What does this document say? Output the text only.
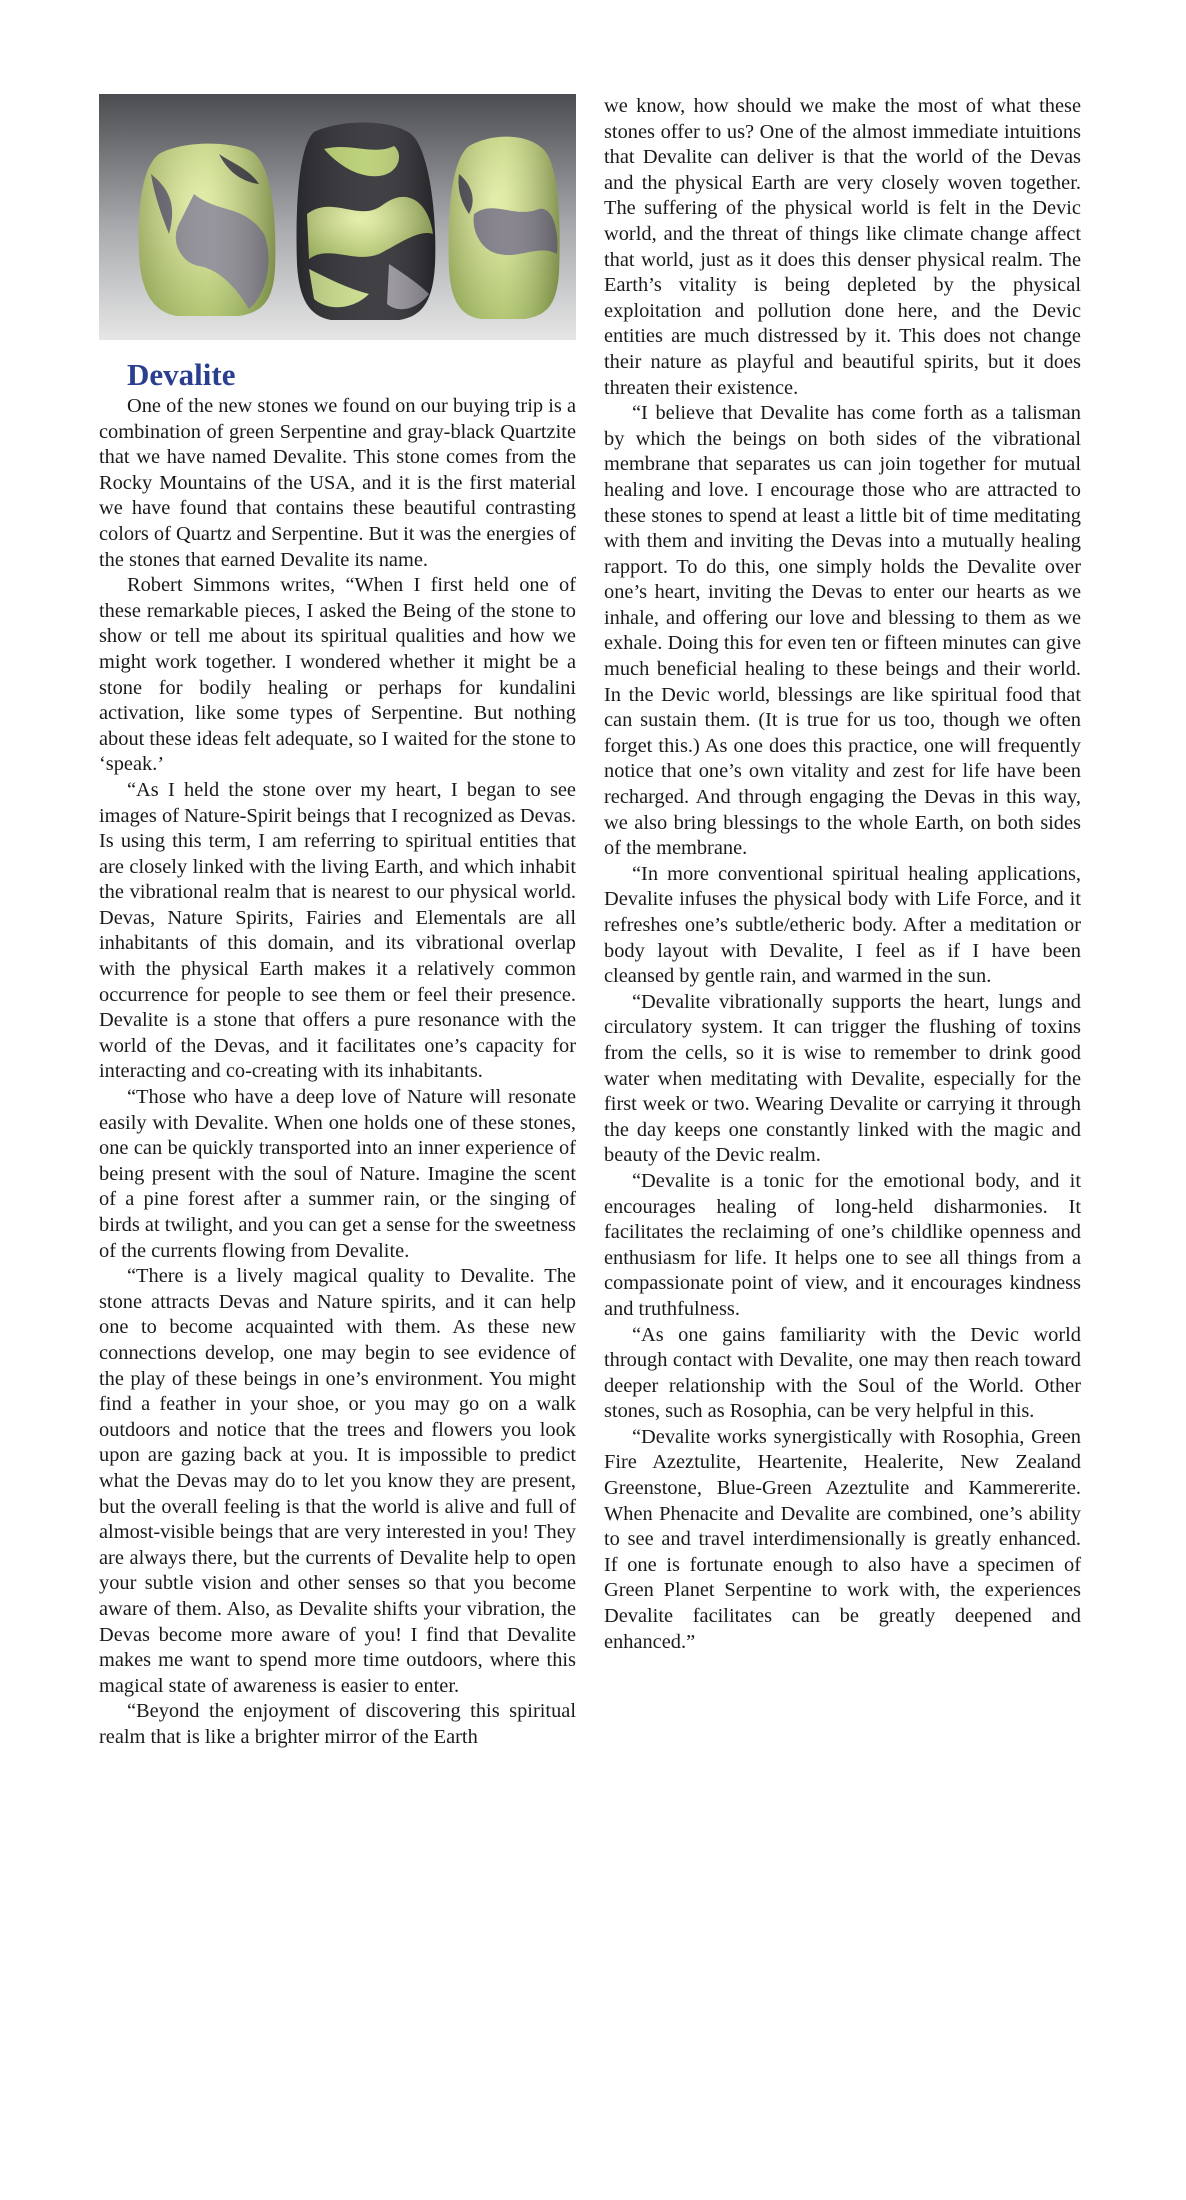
Devalite

One of the new stones we found on our buying trip is a combination of green Serpentine and gray-black Quartzite that we have named Devalite. This stone comes from the Rocky Mountains of the USA, and it is the first material we have found that contains these beautiful contrasting colors of Quartz and Serpentine. But it was the energies of the stones that earned Devalite its name.

Robert Simmons writes, “When I first held one of these remarkable pieces, I asked the Being of the stone to show or tell me about its spiritual qualities and how we might work together. I wondered whether it might be a stone for bodily healing or perhaps for kundalini activation, like some types of Serpentine. But nothing about these ideas felt adequate, so I waited for the stone to ‘speak.’

“As I held the stone over my heart, I began to see images of Nature-Spirit beings that I recognized as Devas. Is using this term, I am referring to spiritual entities that are closely linked with the living Earth, and which inhabit the vibrational realm that is nearest to our physical world. Devas, Nature Spirits, Fairies and Elementals are all inhabitants of this domain, and its vibrational overlap with the physical Earth makes it a relatively common occurrence for people to see them or feel their presence. Devalite is a stone that offers a pure resonance with the world of the Devas, and it facilitates one’s capacity for interacting and co-creating with its inhabitants.

“Those who have a deep love of Nature will resonate easily with Devalite. When one holds one of these stones, one can be quickly transported into an inner experience of being present with the soul of Nature. Imagine the scent of a pine forest after a summer rain, or the singing of birds at twilight, and you can get a sense for the sweetness of the currents flowing from Devalite.

“There is a lively magical quality to Devalite. The stone attracts Devas and Nature spirits, and it can help one to become acquainted with them. As these new connections develop, one may begin to see evidence of the play of these beings in one’s environment. You might find a feather in your shoe, or you may go on a walk outdoors and notice that the trees and flowers you look upon are gazing back at you. It is impossible to predict what the Devas may do to let you know they are present, but the overall feeling is that the world is alive and full of almost-visible beings that are very interested in you! They are always there, but the currents of Devalite help to open your subtle vision and other senses so that you become aware of them. Also, as Devalite shifts your vibration, the Devas become more aware of you! I find that Devalite makes me want to spend more time outdoors, where this magical state of awareness is easier to enter.

“Beyond the enjoyment of discovering this spiritual realm that is like a brighter mirror of the Earth

we know, how should we make the most of what these stones offer to us? One of the almost immediate intuitions that Devalite can deliver is that the world of the Devas and the physical Earth are very closely woven together. The suffering of the physical world is felt in the Devic world, and the threat of things like climate change affect that world, just as it does this denser physical realm. The Earth’s vitality is being depleted by the physical exploitation and pollution done here, and the Devic entities are much distressed by it. This does not change their nature as playful and beautiful spirits, but it does threaten their existence.

“I believe that Devalite has come forth as a talisman by which the beings on both sides of the vibrational membrane that separates us can join together for mutual healing and love. I encourage those who are attracted to these stones to spend at least a little bit of time meditating with them and inviting the Devas into a mutually healing rapport. To do this, one simply holds the Devalite over one’s heart, inviting the Devas to enter our hearts as we inhale, and offering our love and blessing to them as we exhale. Doing this for even ten or fifteen minutes can give much beneficial healing to these beings and their world. In the Devic world, blessings are like spiritual food that can sustain them. (It is true for us too, though we often forget this.) As one does this practice, one will frequently notice that one’s own vitality and zest for life have been recharged. And through engaging the Devas in this way, we also bring blessings to the whole Earth, on both sides of the membrane.

“In more conventional spiritual healing applications, Devalite infuses the physical body with Life Force, and it refreshes one’s subtle/etheric body. After a meditation or body layout with Devalite, I feel as if I have been cleansed by gentle rain, and warmed in the sun.

“Devalite vibrationally supports the heart, lungs and circulatory system. It can trigger the flushing of toxins from the cells, so it is wise to remember to drink good water when meditating with Devalite, especially for the first week or two. Wearing Devalite or carrying it through the day keeps one constantly linked with the magic and beauty of the Devic realm.

“Devalite is a tonic for the emotional body, and it encourages healing of long-held disharmonies. It facilitates the reclaiming of one’s childlike openness and enthusiasm for life. It helps one to see all things from a compassionate point of view, and it encourages kindness and truthfulness.

“As one gains familiarity with the Devic world through contact with Devalite, one may then reach toward deeper relationship with the Soul of the World. Other stones, such as Rosophia, can be very helpful in this.

“Devalite works synergistically with Rosophia, Green Fire Azeztulite, Heartenite, Healerite, New Zealand Greenstone, Blue-Green Azeztulite and Kammererite. When Phenacite and Devalite are combined, one’s ability to see and travel interdimensionally is greatly enhanced. If one is fortunate enough to also have a specimen of Green Planet Serpentine to work with, the experiences Devalite facilitates can be greatly deepened and enhanced.”
